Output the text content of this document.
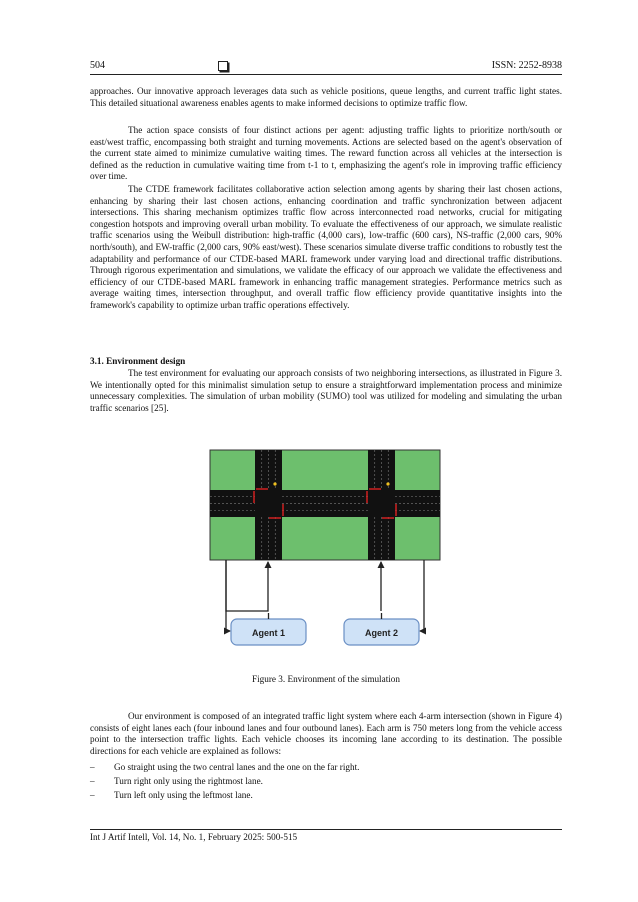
504	ISSN: 2252-8938

approaches. Our innovative approach leverages data such as vehicle positions, queue lengths, and current traffic light states. This detailed situational awareness enables agents to make informed decisions to optimize traffic flow.

The action space consists of four distinct actions per agent: adjusting traffic lights to prioritize north/south or east/west traffic, encompassing both straight and turning movements. Actions are selected based on the agent's observation of the current state aimed to minimize cumulative waiting times. The reward function across all vehicles at the intersection is defined as the reduction in cumulative waiting time from t-1 to t, emphasizing the agent's role in improving traffic efficiency over time.

The CTDE framework facilitates collaborative action selection among agents by sharing their last chosen actions, enhancing by sharing their last chosen actions, enhancing coordination and traffic synchronization between adjacent intersections. This sharing mechanism optimizes traffic flow across interconnected road networks, crucial for mitigating congestion hotspots and improving overall urban mobility. To evaluate the effectiveness of our approach, we simulate realistic traffic scenarios using the Weibull distribution: high-traffic (4,000 cars), low-traffic (600 cars), NS-traffic (2,000 cars, 90% north/south), and EW-traffic (2,000 cars, 90% east/west). These scenarios simulate diverse traffic conditions to robustly test the adaptability and performance of our CTDE-based MARL framework under varying load and directional traffic distributions. Through rigorous experimentation and simulations, we validate the efficacy of our approach we validate the effectiveness and efficiency of our CTDE-based MARL framework in enhancing traffic management strategies. Performance metrics such as average waiting times, intersection throughput, and overall traffic flow efficiency provide quantitative insights into the framework's capability to optimize urban traffic operations effectively.

3.1. Environment design

The test environment for evaluating our approach consists of two neighboring intersections, as illustrated in Figure 3. We intentionally opted for this minimalist simulation setup to ensure a straightforward implementation process and minimize unnecessary complexities. The simulation of urban mobility (SUMO) tool was utilized for modeling and simulating the urban traffic scenarios [25].

Agent 1	Agent 2

Figure 3. Environment of the simulation

Our environment is composed of an integrated traffic light system where each 4-arm intersection (shown in Figure 4) consists of eight lanes each (four inbound lanes and four outbound lanes). Each arm is 750 meters long from the vehicle access point to the intersection traffic lights. Each vehicle chooses its incoming lane according to its destination. The possible directions for each vehicle are explained as follows:

– Go straight using the two central lanes and the one on the far right.
– Turn right only using the rightmost lane.
– Turn left only using the leftmost lane.
Int J Artif Intell, Vol. 14, No. 1, February 2025: 500-515
